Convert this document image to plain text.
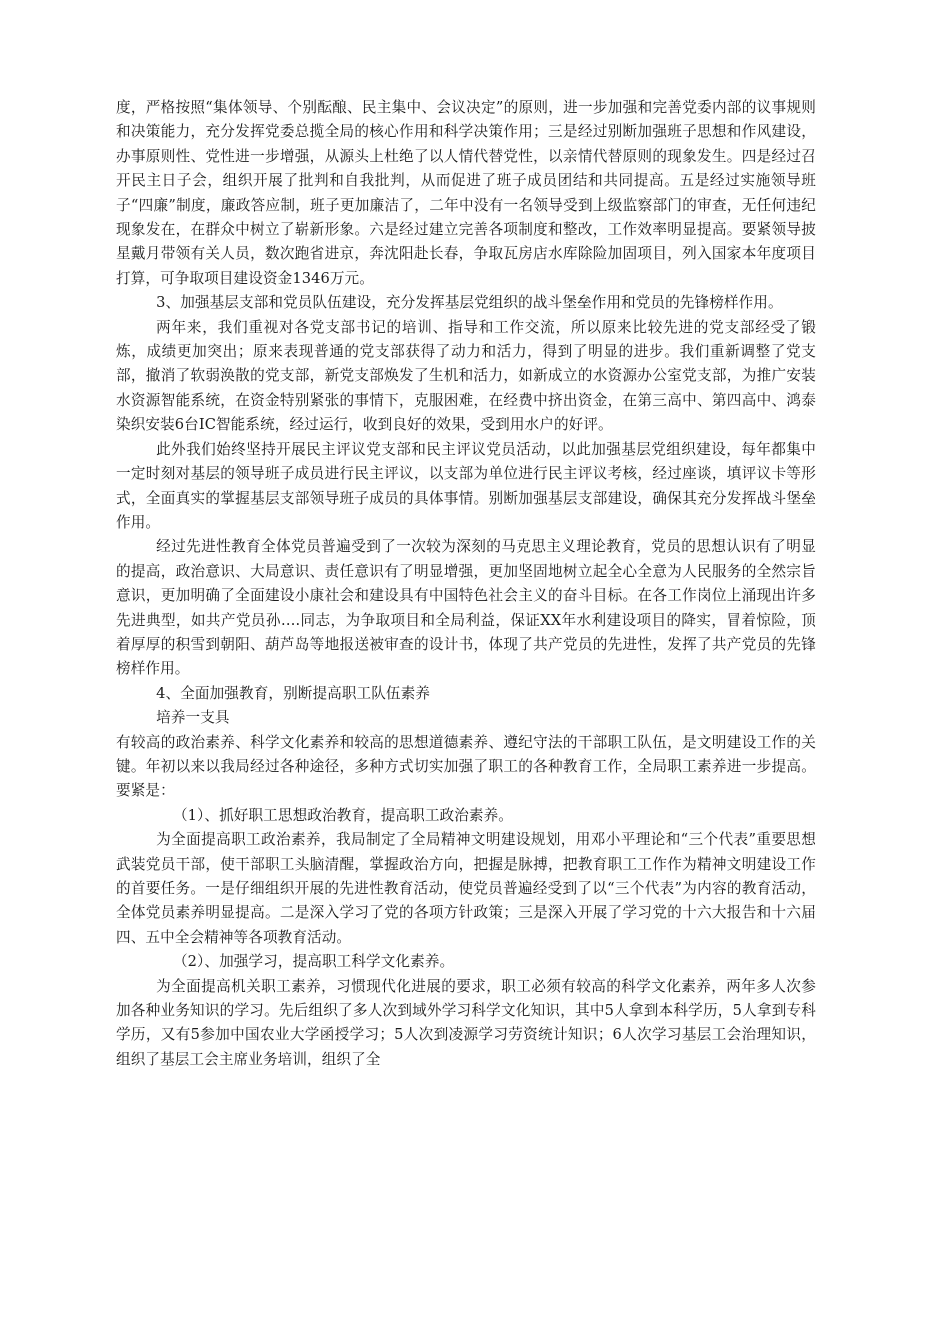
度，严格按照“集体领导、个别酝酿、民主集中、会议决定”的原则，进一步加强和完善党委内部的议事规则和决策能力，充分发挥党委总揽全局的核心作用和科学决策作用；三是经过别断加强班子思想和作风建设，办事原则性、党性进一步增强，从源头上杜绝了以人情代替党性，以亲情代替原则的现象发生。四是经过召开民主日子会，组织开展了批判和自我批判，从而促进了班子成员团结和共同提高。五是经过实施领导班子“四廉”制度，廉政答应制，班子更加廉洁了，二年中没有一名领导受到上级监察部门的审查，无任何违纪现象发在，在群众中树立了崭新形象。六是经过建立完善各项制度和整改，工作效率明显提高。要紧领导披星戴月带领有关人员，数次跑省进京，奔沈阳赴长春，争取瓦房店水库除险加固项目，列入国家本年度项目打算，可争取项目建设资金1346万元。

3、加强基层支部和党员队伍建设，充分发挥基层党组织的战斗堡垒作用和党员的先锋榜样作用。

两年来，我们重视对各党支部书记的培训、指导和工作交流，所以原来比较先进的党支部经受了锻炼，成绩更加突出；原来表现普通的党支部获得了动力和活力，得到了明显的进步。我们重新调整了党支部，撤消了软弱涣散的党支部，新党支部焕发了生机和活力，如新成立的水资源办公室党支部，为推广安装水资源智能系统，在资金特别紧张的事情下，克服困难，在经费中挤出资金，在第三高中、第四高中、鸿泰染织安装6台IC智能系统，经过运行，收到良好的效果，受到用水户的好评。

此外我们始终坚持开展民主评议党支部和民主评议党员活动，以此加强基层党组织建设，每年都集中一定时刻对基层的领导班子成员进行民主评议，以支部为单位进行民主评议考核，经过座谈，填评议卡等形式，全面真实的掌握基层支部领导班子成员的具体事情。别断加强基层支部建设，确保其充分发挥战斗堡垒作用。

经过先进性教育全体党员普遍受到了一次较为深刻的马克思主义理论教育，党员的思想认识有了明显的提高，政治意识、大局意识、责任意识有了明显增强，更加坚固地树立起全心全意为人民服务的全然宗旨意识，更加明确了全面建设小康社会和建设具有中国特色社会主义的奋斗目标。在各工作岗位上涌现出许多先进典型，如共产党员孙….同志，为争取项目和全局利益，保证XX年水利建设项目的降实，冒着惊险，顶着厚厚的积雪到朝阳、葫芦岛等地报送被审查的设计书，体现了共产党员的先进性，发挥了共产党员的先锋榜样作用。

4、全面加强教育，别断提高职工队伍素养

培养一支具

有较高的政治素养、科学文化素养和较高的思想道德素养、遵纪守法的干部职工队伍，是文明建设工作的关键。年初以来以我局经过各种途径，多种方式切实加强了职工的各种教育工作，全局职工素养进一步提高。要紧是：

（1）、抓好职工思想政治教育，提高职工政治素养。

为全面提高职工政治素养，我局制定了全局精神文明建设规划，用邓小平理论和“三个代表”重要思想武装党员干部，使干部职工头脑清醒，掌握政治方向，把握是脉搏，把教育职工工作作为精神文明建设工作的首要任务。一是仔细组织开展的先进性教育活动，使党员普遍经受到了以“三个代表”为内容的教育活动，全体党员素养明显提高。二是深入学习了党的各项方针政策；三是深入开展了学习党的十六大报告和十六届四、五中全会精神等各项教育活动。

（2）、加强学习，提高职工科学文化素养。

为全面提高机关职工素养，习惯现代化进展的要求，职工必须有较高的科学文化素养，两年多人次参加各种业务知识的学习。先后组织了多人次到域外学习科学文化知识，其中5人拿到本科学历，5人拿到专科学历，又有5参加中国农业大学函授学习；5人次到凌源学习劳资统计知识；6人次学习基层工会治理知识，组织了基层工会主席业务培训，组织了全
